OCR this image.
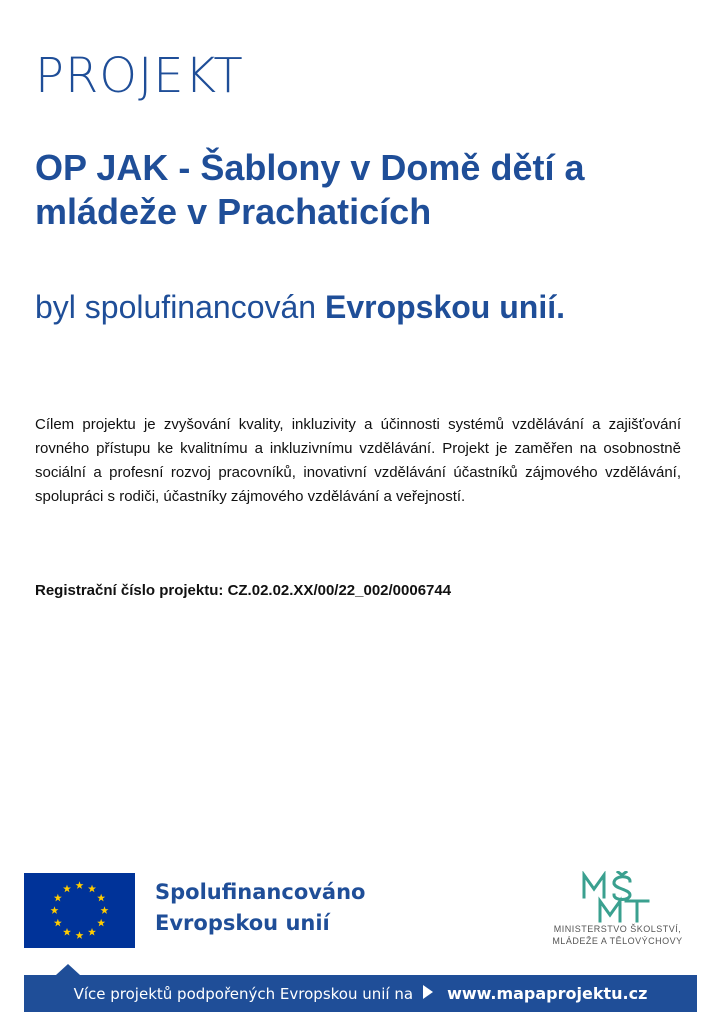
PROJEKT
OP JAK - Šablony v Domě dětí a mládeže v Prachaticích
byl spolufinancován Evropskou unií.
Cílem projektu je zvyšování kvality, inkluzivity a účinnosti systémů vzdělávání a zajišťování rovného přístupu ke kvalitnímu a inkluzivnímu vzdělávání. Projekt je zaměřen na osobnostně sociální a profesní rozvoj pracovníků, inovativní vzdělávání účastníků zájmového vzdělávání, spolupráci s rodiči, účastníky zájmového vzdělávání a veřejností.
Registrační číslo projektu: CZ.02.02.XX/00/22_002/0006744
Spolufinancováno
Evropskou unií	MINISTERSTVO ŠKOLSTVÍ,
MLÁDEŽE A TĚLOVÝCHOVY
Více projektů podpořených Evropskou unií na www.mapaprojektu.cz
